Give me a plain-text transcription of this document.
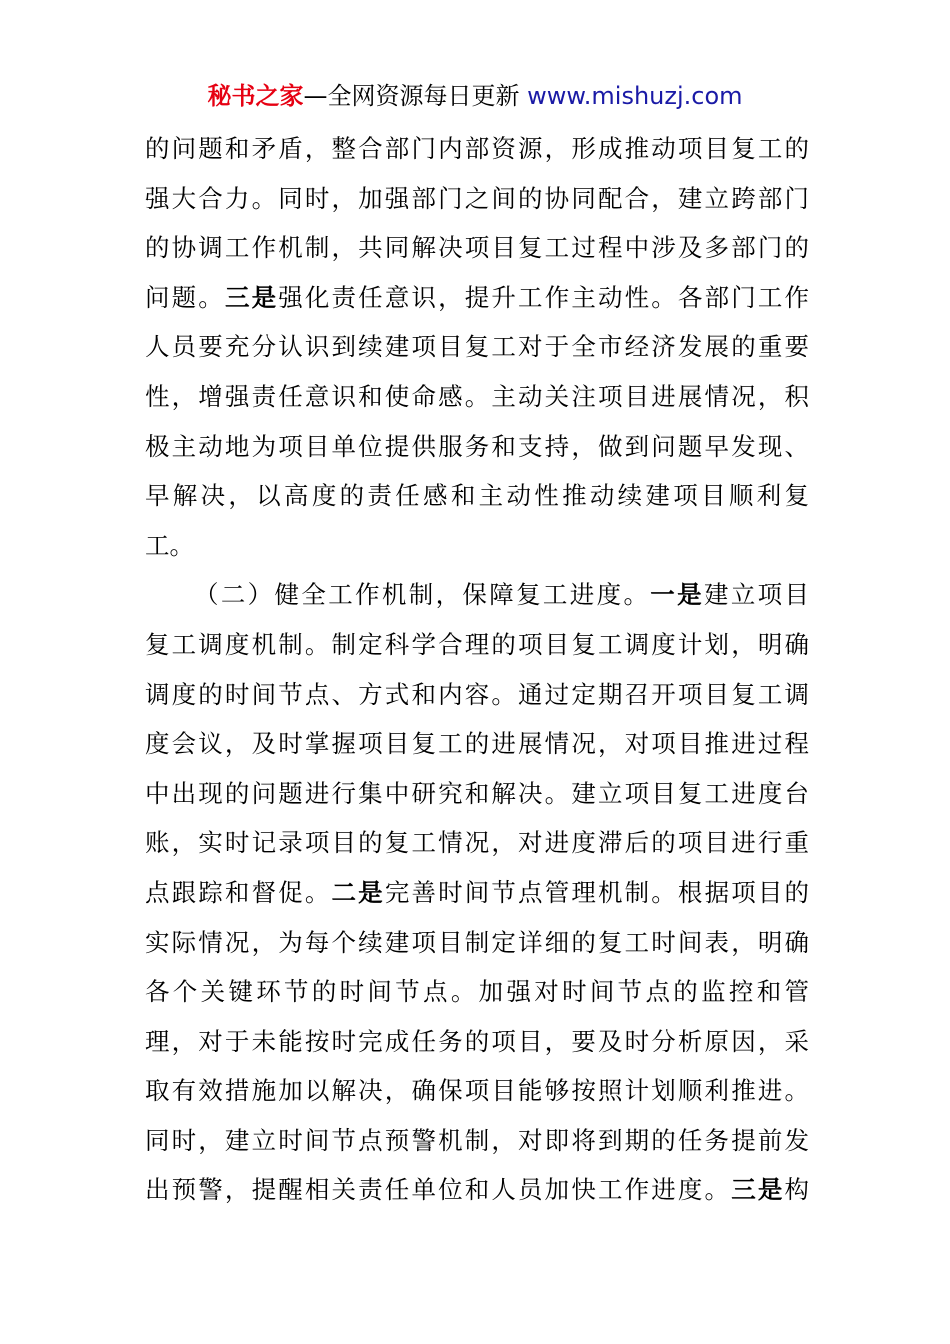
秘书之家—全网资源每日更新 www.mishuzj.com
的问题和矛盾，整合部门内部资源，形成推动项目复工的
强大合力。同时，加强部门之间的协同配合，建立跨部门
的协调工作机制，共同解决项目复工过程中涉及多部门的
问题。三是强化责任意识，提升工作主动性。各部门工作
人员要充分认识到续建项目复工对于全市经济发展的重要
性，增强责任意识和使命感。主动关注项目进展情况，积
极主动地为项目单位提供服务和支持，做到问题早发现、
早解决，以高度的责任感和主动性推动续建项目顺利复
工。
（二）健全工作机制，保障复工进度。一是建立项目
复工调度机制。制定科学合理的项目复工调度计划，明确
调度的时间节点、方式和内容。通过定期召开项目复工调
度会议，及时掌握项目复工的进展情况，对项目推进过程
中出现的问题进行集中研究和解决。建立项目复工进度台
账，实时记录项目的复工情况，对进度滞后的项目进行重
点跟踪和督促。二是完善时间节点管理机制。根据项目的
实际情况，为每个续建项目制定详细的复工时间表，明确
各个关键环节的时间节点。加强对时间节点的监控和管
理，对于未能按时完成任务的项目，要及时分析原因，采
取有效措施加以解决，确保项目能够按照计划顺利推进。
同时，建立时间节点预警机制，对即将到期的任务提前发
出预警，提醒相关责任单位和人员加快工作进度。三是构
